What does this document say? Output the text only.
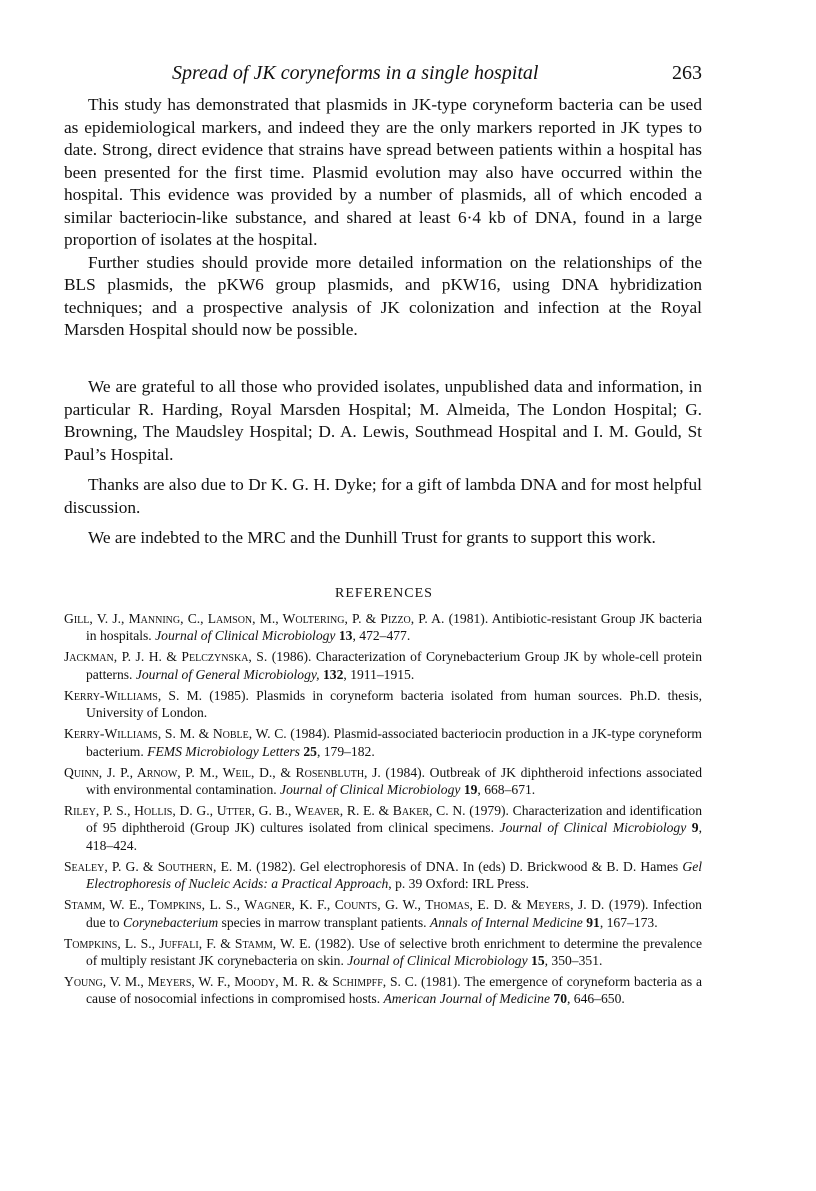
Spread of JK coryneforms in a single hospital	263

This study has demonstrated that plasmids in JK-type coryneform bacteria can be used as epidemiological markers, and indeed they are the only markers reported in JK types to date. Strong, direct evidence that strains have spread between patients within a hospital has been presented for the first time. Plasmid evolution may also have occurred within the hospital. This evidence was provided by a number of plasmids, all of which encoded a similar bacteriocin-like substance, and shared at least 6·4 kb of DNA, found in a large proportion of isolates at the hospital.

Further studies should provide more detailed information on the relationships of the BLS plasmids, the pKW6 group plasmids, and pKW16, using DNA hybridization techniques; and a prospective analysis of JK colonization and infection at the Royal Marsden Hospital should now be possible.

We are grateful to all those who provided isolates, unpublished data and information, in particular R. Harding, Royal Marsden Hospital; M. Almeida, The London Hospital; G. Browning, The Maudsley Hospital; D. A. Lewis, Southmead Hospital and I. M. Gould, St Paul’s Hospital.

Thanks are also due to Dr K. G. H. Dyke; for a gift of lambda DNA and for most helpful discussion.

We are indebted to the MRC and the Dunhill Trust for grants to support this work.

REFERENCES

Gill, V. J., Manning, C., Lamson, M., Woltering, P. & Pizzo, P. A. (1981). Antibiotic-resistant Group JK bacteria in hospitals. Journal of Clinical Microbiology 13, 472–477.

Jackman, P. J. H. & Pelczynska, S. (1986). Characterization of Corynebacterium Group JK by whole-cell protein patterns. Journal of General Microbiology, 132, 1911–1915.

Kerry-Williams, S. M. (1985). Plasmids in coryneform bacteria isolated from human sources. Ph.D. thesis, University of London.

Kerry-Williams, S. M. & Noble, W. C. (1984). Plasmid-associated bacteriocin production in a JK-type coryneform bacterium. FEMS Microbiology Letters 25, 179–182.

Quinn, J. P., Arnow, P. M., Weil, D., & Rosenbluth, J. (1984). Outbreak of JK diphtheroid infections associated with environmental contamination. Journal of Clinical Microbiology 19, 668–671.

Riley, P. S., Hollis, D. G., Utter, G. B., Weaver, R. E. & Baker, C. N. (1979). Characterization and identification of 95 diphtheroid (Group JK) cultures isolated from clinical specimens. Journal of Clinical Microbiology 9, 418–424.

Sealey, P. G. & Southern, E. M. (1982). Gel electrophoresis of DNA. In (eds) D. Brickwood & B. D. Hames Gel Electrophoresis of Nucleic Acids: a Practical Approach, p. 39 Oxford: IRL Press.

Stamm, W. E., Tompkins, L. S., Wagner, K. F., Counts, G. W., Thomas, E. D. & Meyers, J. D. (1979). Infection due to Corynebacterium species in marrow transplant patients. Annals of Internal Medicine 91, 167–173.

Tompkins, L. S., Juffali, F. & Stamm, W. E. (1982). Use of selective broth enrichment to determine the prevalence of multiply resistant JK corynebacteria on skin. Journal of Clinical Microbiology 15, 350–351.

Young, V. M., Meyers, W. F., Moody, M. R. & Schimpff, S. C. (1981). The emergence of coryneform bacteria as a cause of nosocomial infections in compromised hosts. American Journal of Medicine 70, 646–650.
